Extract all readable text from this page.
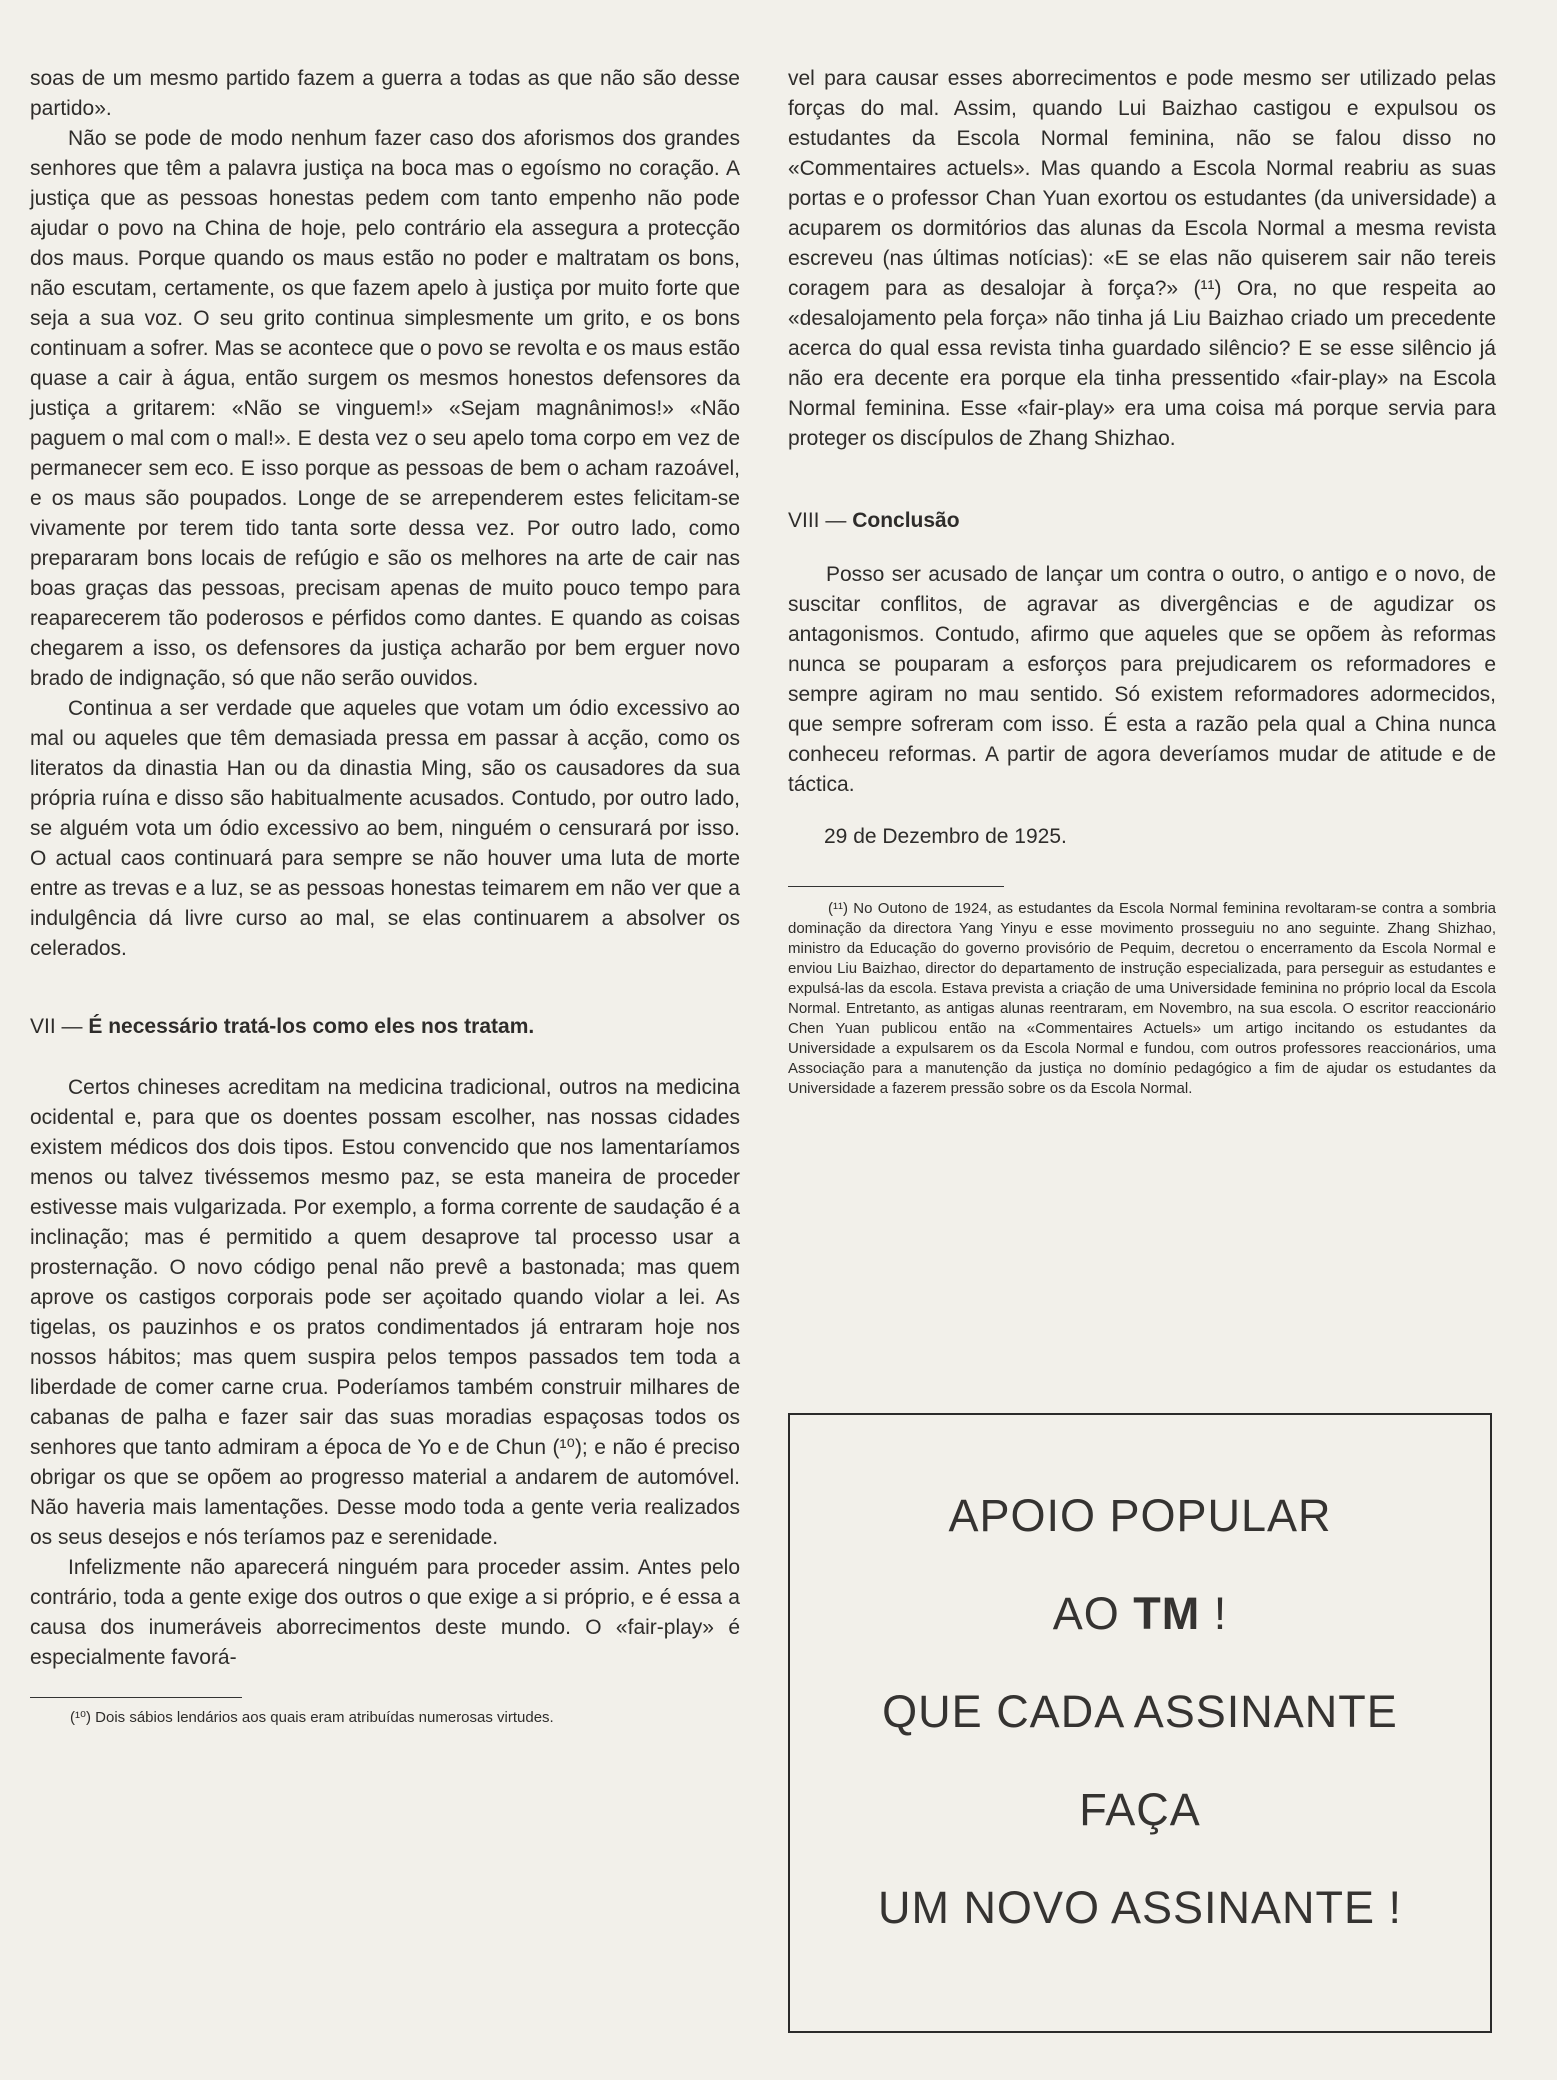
soas de um mesmo partido fazem a guerra a todas as que não são desse partido».

Não se pode de modo nenhum fazer caso dos aforismos dos grandes senhores que têm a palavra justiça na boca mas o egoísmo no coração. A justiça que as pessoas honestas pedem com tanto empenho não pode ajudar o povo na China de hoje, pelo contrário ela assegura a protecção dos maus. Porque quando os maus estão no poder e maltratam os bons, não escutam, certamente, os que fazem apelo à justiça por muito forte que seja a sua voz. O seu grito continua simplesmente um grito, e os bons continuam a sofrer. Mas se acontece que o povo se revolta e os maus estão quase a cair à água, então surgem os mesmos honestos defensores da justiça a gritarem: «Não se vinguem!» «Sejam magnânimos!» «Não paguem o mal com o mal!». E desta vez o seu apelo toma corpo em vez de permanecer sem eco. E isso porque as pessoas de bem o acham razoável, e os maus são poupados. Longe de se arrependerem estes felicitam-se vivamente por terem tido tanta sorte dessa vez. Por outro lado, como prepararam bons locais de refúgio e são os melhores na arte de cair nas boas graças das pessoas, precisam apenas de muito pouco tempo para reaparecerem tão poderosos e pérfidos como dantes. E quando as coisas chegarem a isso, os defensores da justiça acharão por bem erguer novo brado de indignação, só que não serão ouvidos.

Continua a ser verdade que aqueles que votam um ódio excessivo ao mal ou aqueles que têm demasiada pressa em passar à acção, como os literatos da dinastia Han ou da dinastia Ming, são os causadores da sua própria ruína e disso são habitualmente acusados. Contudo, por outro lado, se alguém vota um ódio excessivo ao bem, ninguém o censurará por isso. O actual caos continuará para sempre se não houver uma luta de morte entre as trevas e a luz, se as pessoas honestas teimarem em não ver que a indulgência dá livre curso ao mal, se elas continuarem a absolver os celerados.

VII — É necessário tratá-los como eles nos tratam.

Certos chineses acreditam na medicina tradicional, outros na medicina ocidental e, para que os doentes possam escolher, nas nossas cidades existem médicos dos dois tipos. Estou convencido que nos lamentaríamos menos ou talvez tivéssemos mesmo paz, se esta maneira de proceder estivesse mais vulgarizada. Por exemplo, a forma corrente de saudação é a inclinação; mas é permitido a quem desaprove tal processo usar a prosternação. O novo código penal não prevê a bastonada; mas quem aprove os castigos corporais pode ser açoitado quando violar a lei. As tigelas, os pauzinhos e os pratos condimentados já entraram hoje nos nossos hábitos; mas quem suspira pelos tempos passados tem toda a liberdade de comer carne crua. Poderíamos também construir milhares de cabanas de palha e fazer sair das suas moradias espaçosas todos os senhores que tanto admiram a época de Yo e de Chun (¹⁰); e não é preciso obrigar os que se opõem ao progresso material a andarem de automóvel. Não haveria mais lamentações. Desse modo toda a gente veria realizados os seus desejos e nós teríamos paz e serenidade.

Infelizmente não aparecerá ninguém para proceder assim. Antes pelo contrário, toda a gente exige dos outros o que exige a si próprio, e é essa a causa dos inumeráveis aborrecimentos deste mundo. O «fair-play» é especialmente favorá-

(¹⁰) Dois sábios lendários aos quais eram atribuídas numerosas virtudes.

vel para causar esses aborrecimentos e pode mesmo ser utilizado pelas forças do mal. Assim, quando Lui Baizhao castigou e expulsou os estudantes da Escola Normal feminina, não se falou disso no «Commentaires actuels». Mas quando a Escola Normal reabriu as suas portas e o professor Chan Yuan exortou os estudantes (da universidade) a acuparem os dormitórios das alunas da Escola Normal a mesma revista escreveu (nas últimas notícias): «E se elas não quiserem sair não tereis coragem para as desalojar à força?» (¹¹) Ora, no que respeita ao «desalojamento pela força» não tinha já Liu Baizhao criado um precedente acerca do qual essa revista tinha guardado silêncio? E se esse silêncio já não era decente era porque ela tinha pressentido «fair-play» na Escola Normal feminina. Esse «fair-play» era uma coisa má porque servia para proteger os discípulos de Zhang Shizhao.

VIII — Conclusão

Posso ser acusado de lançar um contra o outro, o antigo e o novo, de suscitar conflitos, de agravar as divergências e de agudizar os antagonismos. Contudo, afirmo que aqueles que se opõem às reformas nunca se pouparam a esforços para prejudicarem os reformadores e sempre agiram no mau sentido. Só existem reformadores adormecidos, que sempre sofreram com isso. É esta a razão pela qual a China nunca conheceu reformas. A partir de agora deveríamos mudar de atitude e de táctica.

29 de Dezembro de 1925.

(¹¹) No Outono de 1924, as estudantes da Escola Normal feminina revoltaram-se contra a sombria dominação da directora Yang Yinyu e esse movimento prosseguiu no ano seguinte. Zhang Shizhao, ministro da Educação do governo provisório de Pequim, decretou o encerramento da Escola Normal e enviou Liu Baizhao, director do departamento de instrução especializada, para perseguir as estudantes e expulsá-las da escola. Estava prevista a criação de uma Universidade feminina no próprio local da Escola Normal. Entretanto, as antigas alunas reentraram, em Novembro, na sua escola. O escritor reaccionário Chen Yuan publicou então na «Commentaires Actuels» um artigo incitando os estudantes da Universidade a expulsarem os da Escola Normal e fundou, com outros professores reaccionários, uma Associação para a manutenção da justiça no domínio pedagógico a fim de ajudar os estudantes da Universidade a fazerem pressão sobre os da Escola Normal.

APOIO POPULAR
AO TM !
QUE CADA ASSINANTE
FAÇA
UM NOVO ASSINANTE !
